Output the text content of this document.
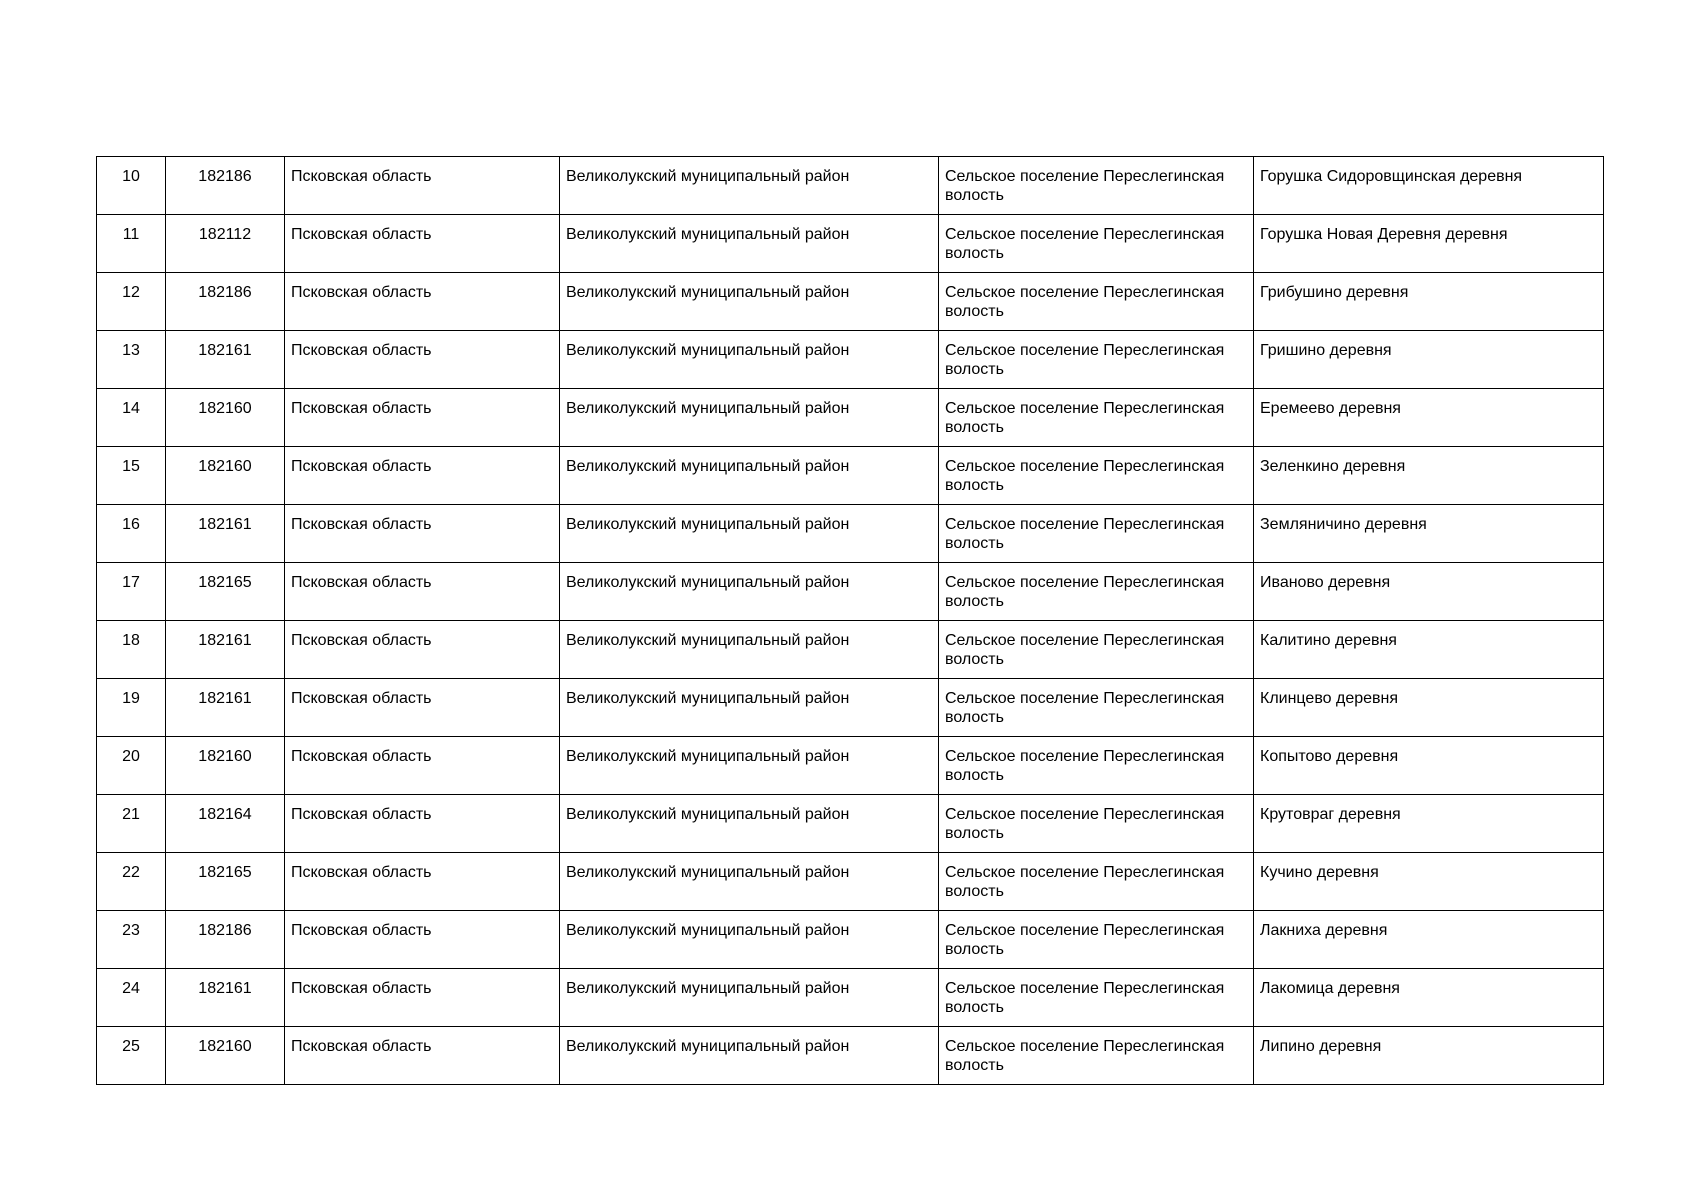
10	182186	Псковская область	Великолукский муниципальный район	Сельское поселение Переслегинская волость	Горушка Сидоровщинская деревня
11	182112	Псковская область	Великолукский муниципальный район	Сельское поселение Переслегинская волость	Горушка Новая Деревня деревня
12	182186	Псковская область	Великолукский муниципальный район	Сельское поселение Переслегинская волость	Грибушино деревня
13	182161	Псковская область	Великолукский муниципальный район	Сельское поселение Переслегинская волость	Гришино деревня
14	182160	Псковская область	Великолукский муниципальный район	Сельское поселение Переслегинская волость	Еремеево деревня
15	182160	Псковская область	Великолукский муниципальный район	Сельское поселение Переслегинская волость	Зеленкино деревня
16	182161	Псковская область	Великолукский муниципальный район	Сельское поселение Переслегинская волость	Земляничино деревня
17	182165	Псковская область	Великолукский муниципальный район	Сельское поселение Переслегинская волость	Иваново деревня
18	182161	Псковская область	Великолукский муниципальный район	Сельское поселение Переслегинская волость	Калитино деревня
19	182161	Псковская область	Великолукский муниципальный район	Сельское поселение Переслегинская волость	Клинцево деревня
20	182160	Псковская область	Великолукский муниципальный район	Сельское поселение Переслегинская волость	Копытово деревня
21	182164	Псковская область	Великолукский муниципальный район	Сельское поселение Переслегинская волость	Крутовраг деревня
22	182165	Псковская область	Великолукский муниципальный район	Сельское поселение Переслегинская волость	Кучино деревня
23	182186	Псковская область	Великолукский муниципальный район	Сельское поселение Переслегинская волость	Лакниха деревня
24	182161	Псковская область	Великолукский муниципальный район	Сельское поселение Переслегинская волость	Лакомица деревня
25	182160	Псковская область	Великолукский муниципальный район	Сельское поселение Переслегинская волость	Липино деревня
